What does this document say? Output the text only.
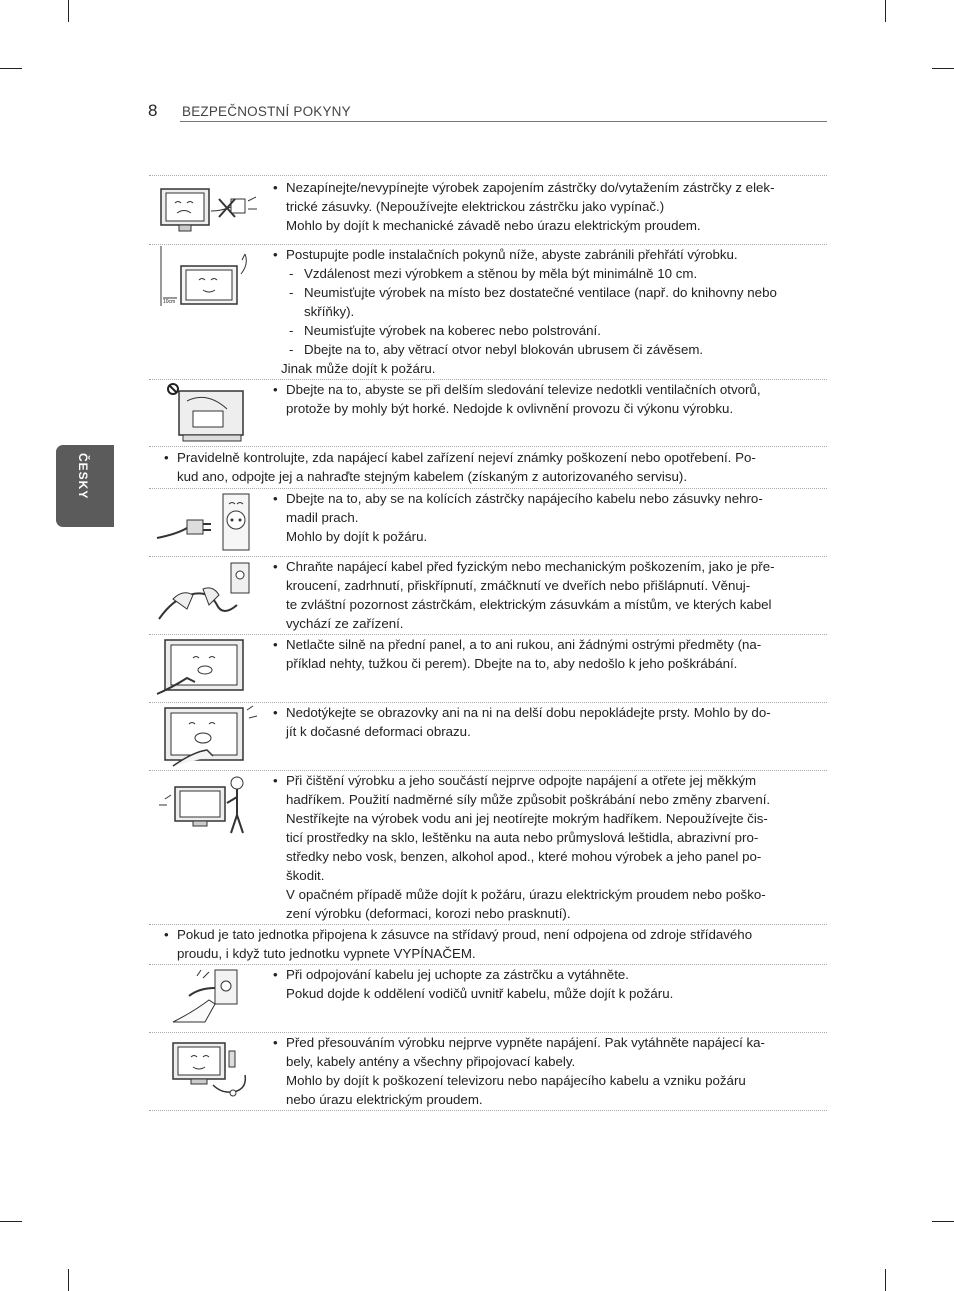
8 BEZPEČNOSTNÍ POKYNY
ČESKY
• Nezapínejte/nevypínejte výrobek zapojením zástrčky do/vytažením zástrčky z elek-

trické zásuvky. (Nepoužívejte elektrickou zástrčku jako vypínač.)

Mohlo by dojít k mechanické závadě nebo úrazu elektrickým proudem.

10cm
• Postupujte podle instalačních pokynů níže, abyste zabránili přehřátí výrobku.

- Vzdálenost mezi výrobkem a stěnou by měla být minimálně 10 cm.

- Neumisťujte výrobek na místo bez dostatečné ventilace (např. do knihovny nebo

skříňky).

- Neumisťujte výrobek na koberec nebo polstrování.

- Dbejte na to, aby větrací otvor nebyl blokován ubrusem či závěsem.

Jinak může dojít k požáru.

• Dbejte na to, abyste se při delším sledování televize nedotkli ventilačních otvorů,

protože by mohly být horké. Nedojde k ovlivnění provozu či výkonu výrobku.

• Pravidelně kontrolujte, zda napájecí kabel zařízení nejeví známky poškození nebo opotřebení. Po-

kud ano, odpojte jej a nahraďte stejným kabelem (získaným z autorizovaného servisu).

• Dbejte na to, aby se na kolících zástrčky napájecího kabelu nebo zásuvky nehro-

madil prach.

Mohlo by dojít k požáru.

• Chraňte napájecí kabel před fyzickým nebo mechanickým poškozením, jako je pře-

kroucení, zadrhnutí, přiskřípnutí, zmáčknutí ve dveřích nebo přišlápnutí. Věnuj-

te zvláštní pozornost zástrčkám, elektrickým zásuvkám a místům, ve kterých kabel

vychází ze zařízení.

• Netlačte silně na přední panel, a to ani rukou, ani žádnými ostrými předměty (na-

příklad nehty, tužkou či perem). Dbejte na to, aby nedošlo k jeho poškrábání.

• Nedotýkejte se obrazovky ani na ni na delší dobu nepokládejte prsty. Mohlo by do-

jít k dočasné deformaci obrazu.

• Při čištění výrobku a jeho součástí nejprve odpojte napájení a otřete jej měkkým

hadříkem. Použití nadměrné síly může způsobit poškrábání nebo změny zbarvení.

Nestříkejte na výrobek vodu ani jej neotírejte mokrým hadříkem. Nepoužívejte čis-

ticí prostředky na sklo, leštěnku na auta nebo průmyslová leštidla, abrazivní pro-

středky nebo vosk, benzen, alkohol apod., které mohou výrobek a jeho panel po-

škodit.

V opačném případě může dojít k požáru, úrazu elektrickým proudem nebo poško-

zení výrobku (deformaci, korozi nebo prasknutí).

• Pokud je tato jednotka připojena k zásuvce na střídavý proud, není odpojena od zdroje střídavého

proudu, i když tuto jednotku vypnete VYPÍNAČEM.

• Při odpojování kabelu jej uchopte za zástrčku a vytáhněte.

Pokud dojde k oddělení vodičů uvnitř kabelu, může dojít k požáru.

• Před přesouváním výrobku nejprve vypněte napájení. Pak vytáhněte napájecí ka-

bely, kabely antény a všechny připojovací kabely.

Mohlo by dojít k poškození televizoru nebo napájecího kabelu a vzniku požáru

nebo úrazu elektrickým proudem.
